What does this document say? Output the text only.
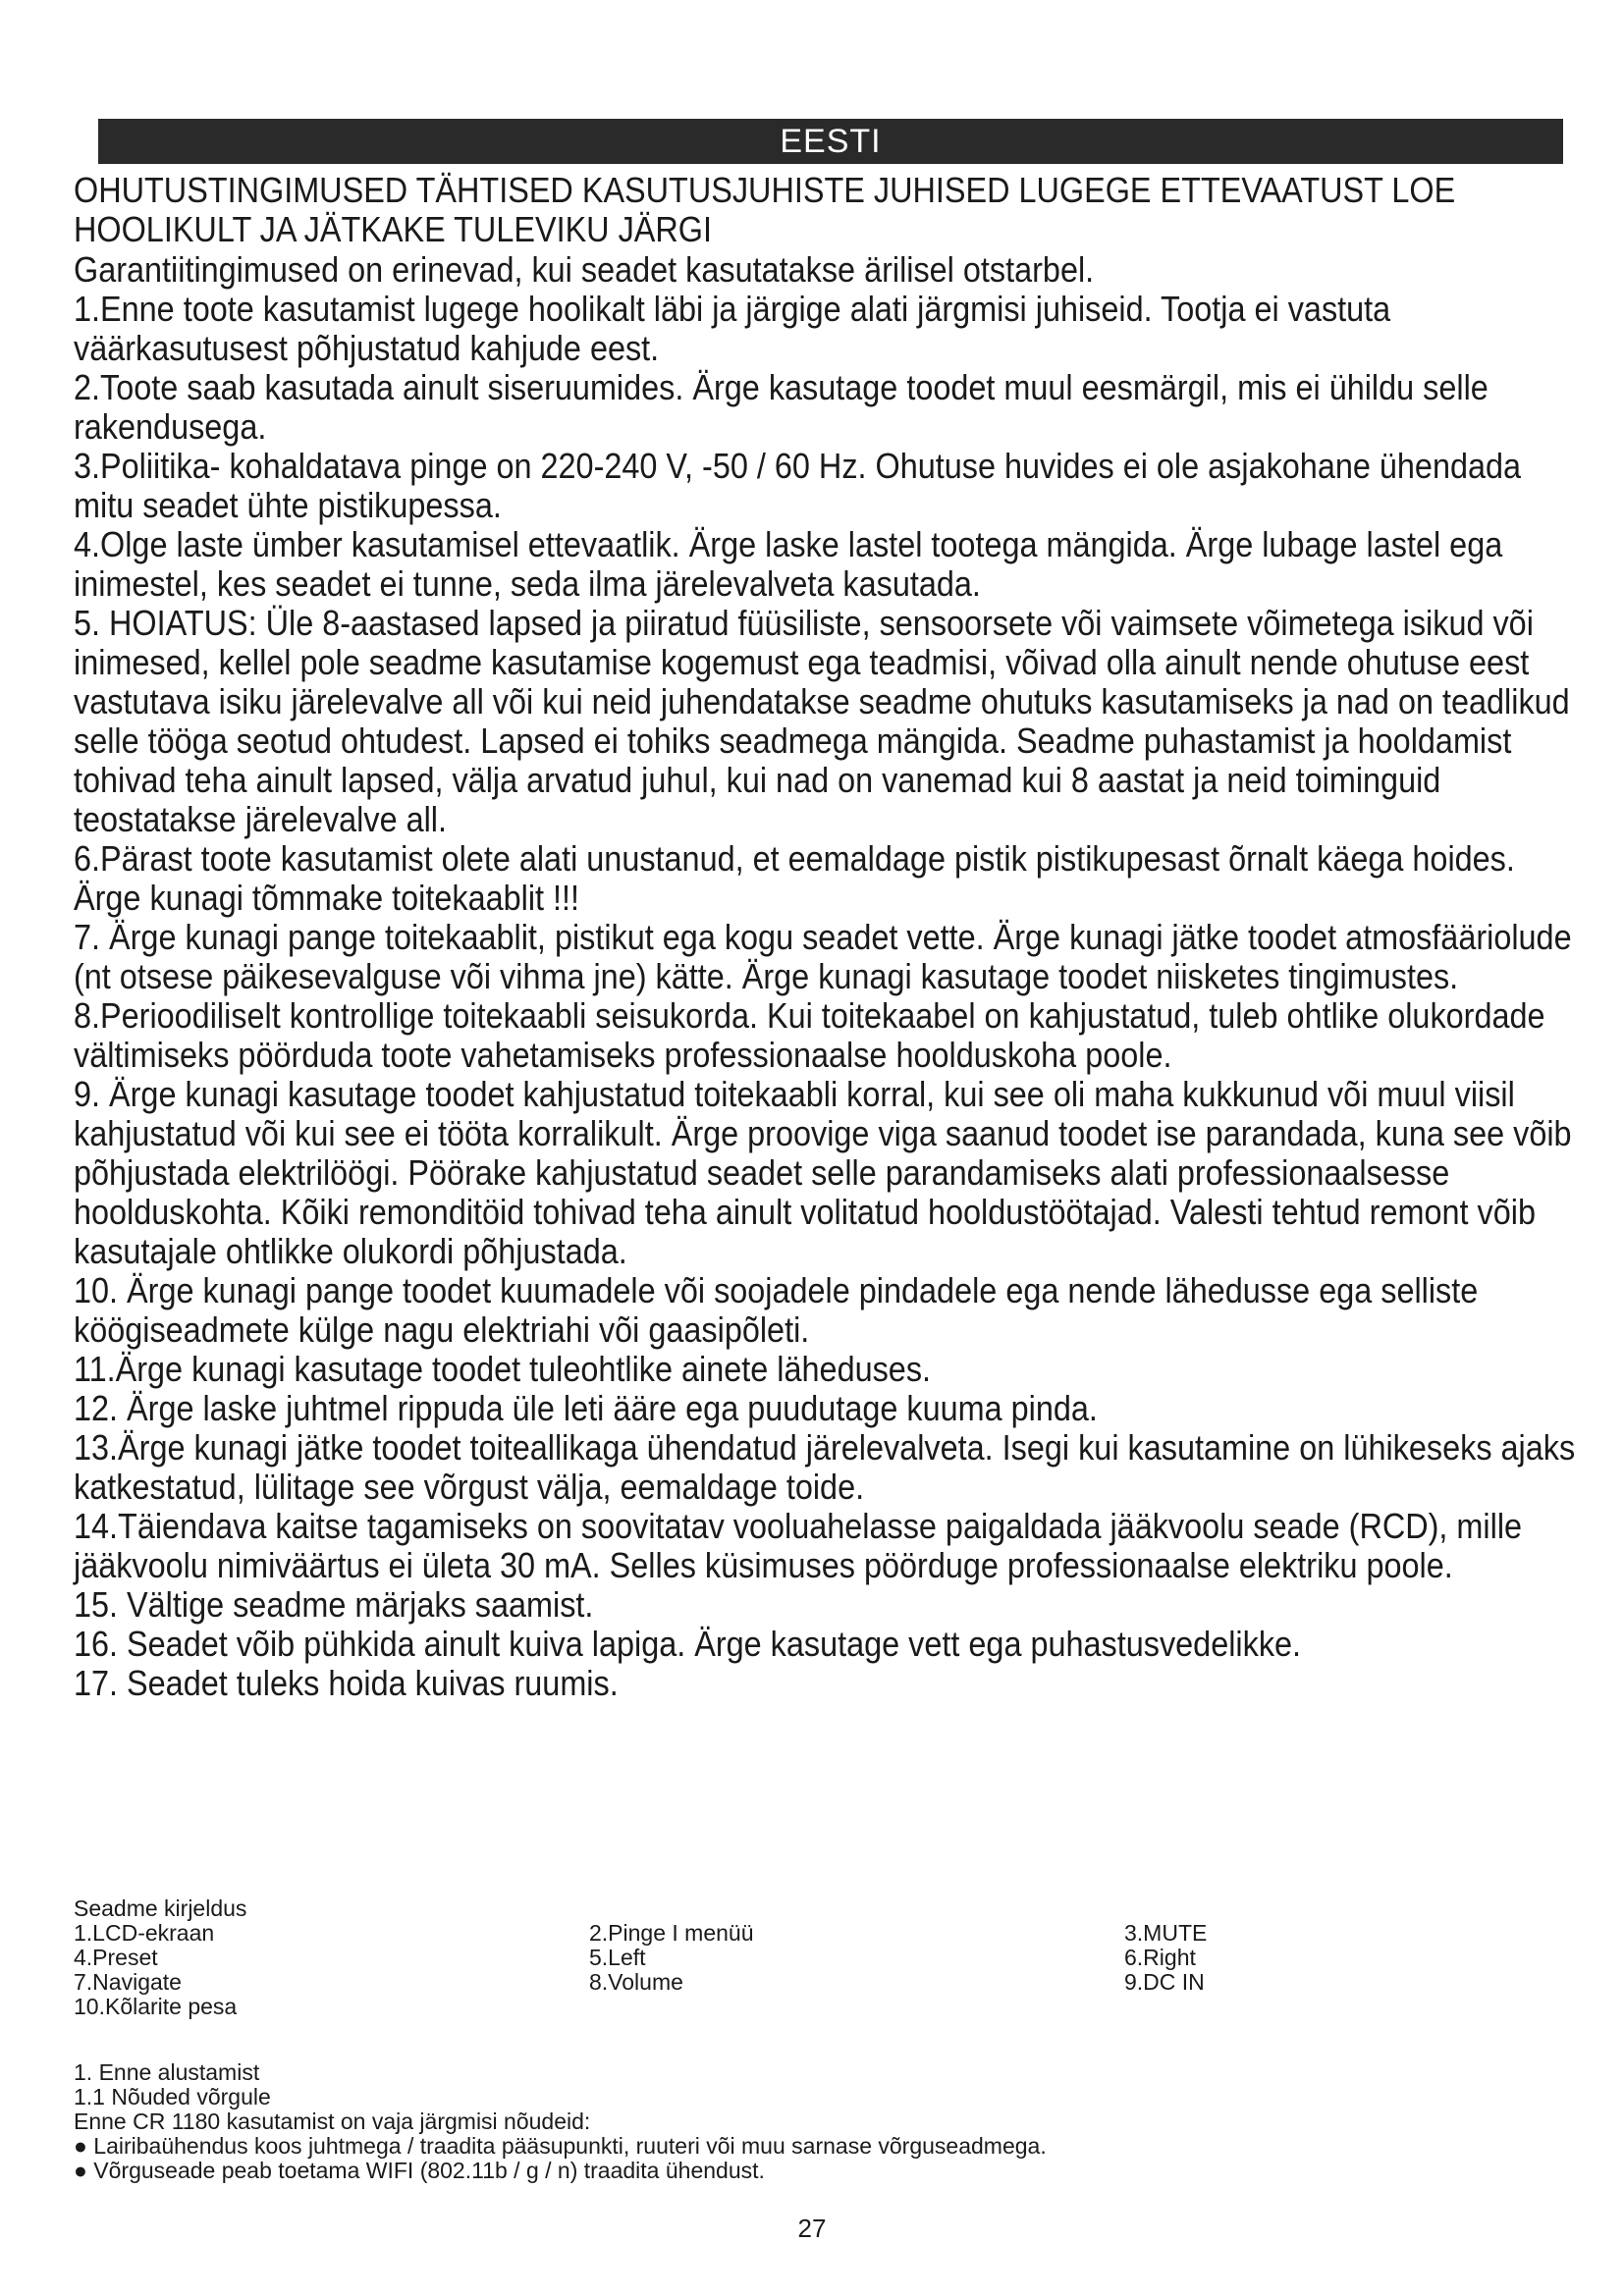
EESTI
OHUTUSTINGIMUSED TÄHTISED KASUTUSJUHISTE JUHISED LUGEGE ETTEVAATUST LOE HOOLIKULT JA JÄTKAKE TULEVIKU JÄRGI

Garantiitingimused on erinevad, kui seadet kasutatakse ärilisel otstarbel.

1.Enne toote kasutamist lugege hoolikalt läbi ja järgige alati järgmisi juhiseid. Tootja ei vastuta väärkasutusest põhjustatud kahjude eest.

2.Toote saab kasutada ainult siseruumides. Ärge kasutage toodet muul eesmärgil, mis ei ühildu selle rakendusega.

3.Poliitika- kohaldatava pinge on 220-240 V, -50 / 60 Hz. Ohutuse huvides ei ole asjakohane ühendada mitu seadet ühte pistikupessa.

4.Olge laste ümber kasutamisel ettevaatlik. Ärge laske lastel tootega mängida. Ärge lubage lastel ega inimestel, kes seadet ei tunne, seda ilma järelevalveta kasutada.

5. HOIATUS: Üle 8-aastased lapsed ja piiratud füüsiliste, sensoorsete või vaimsete võimetega isikud või inimesed, kellel pole seadme kasutamise kogemust ega teadmisi, võivad olla ainult nende ohutuse eest vastutava isiku järelevalve all või kui neid juhendatakse seadme ohutuks kasutamiseks ja nad on teadlikud selle tööga seotud ohtudest. Lapsed ei tohiks seadmega mängida. Seadme puhastamist ja hooldamist tohivad teha ainult lapsed, välja arvatud juhul, kui nad on vanemad kui 8 aastat ja neid toiminguid teostatakse järelevalve all.

6.Pärast toote kasutamist olete alati unustanud, et eemaldage pistik pistikupesast õrnalt käega hoides. Ärge kunagi tõmmake toitekaablit !!!

7. Ärge kunagi pange toitekaablit, pistikut ega kogu seadet vette. Ärge kunagi jätke toodet atmosfääriolude (nt otsese päikesevalguse või vihma jne) kätte. Ärge kunagi kasutage toodet niisketes tingimustes.

8.Perioodiliselt kontrollige toitekaabli seisukorda. Kui toitekaabel on kahjustatud, tuleb ohtlike olukordade vältimiseks pöörduda toote vahetamiseks professionaalse hoolduskoha poole.

9. Ärge kunagi kasutage toodet kahjustatud toitekaabli korral, kui see oli maha kukkunud või muul viisil kahjustatud või kui see ei tööta korralikult. Ärge proovige viga saanud toodet ise parandada, kuna see võib põhjustada elektrilöögi. Pöörake kahjustatud seadet selle parandamiseks alati professionaalsesse hoolduskohta. Kõiki remonditöid tohivad teha ainult volitatud hooldustöötajad. Valesti tehtud remont võib kasutajale ohtlikke olukordi põhjustada.

10. Ärge kunagi pange toodet kuumadele või soojadele pindadele ega nende lähedusse ega selliste köögiseadmete külge nagu elektriahi või gaasipõleti.

11.Ärge kunagi kasutage toodet tuleohtlike ainete läheduses.

12. Ärge laske juhtmel rippuda üle leti ääre ega puudutage kuuma pinda.

13.Ärge kunagi jätke toodet toiteallikaga ühendatud järelevalveta. Isegi kui kasutamine on lühikeseks ajaks katkestatud, lülitage see võrgust välja, eemaldage toide.

14.Täiendava kaitse tagamiseks on soovitatav vooluahelasse paigaldada jääkvoolu seade (RCD), mille jääkvoolu nimiväärtus ei ületa 30 mA. Selles küsimuses pöörduge professionaalse elektriku poole.

15. Vältige seadme märjaks saamist.

16. Seadet võib pühkida ainult kuiva lapiga. Ärge kasutage vett ega puhastusvedelikke.

17. Seadet tuleks hoida kuivas ruumis.

Seadme kirjeldus

1.LCD-ekraan	2.Pinge I menüü	3.MUTE
4.Preset	5.Left	6.Right
7.Navigate	8.Volume	9.DC IN
10.Kõlarite pesa

1. Enne alustamist

1.1 Nõuded võrgule

Enne CR 1180 kasutamist on vaja järgmisi nõudeid:

● Lairibaühendus koos juhtmega / traadita pääsupunkti, ruuteri või muu sarnase võrguseadmega.

● Võrguseade peab toetama WIFI (802.11b / g / n) traadita ühendust.

27
